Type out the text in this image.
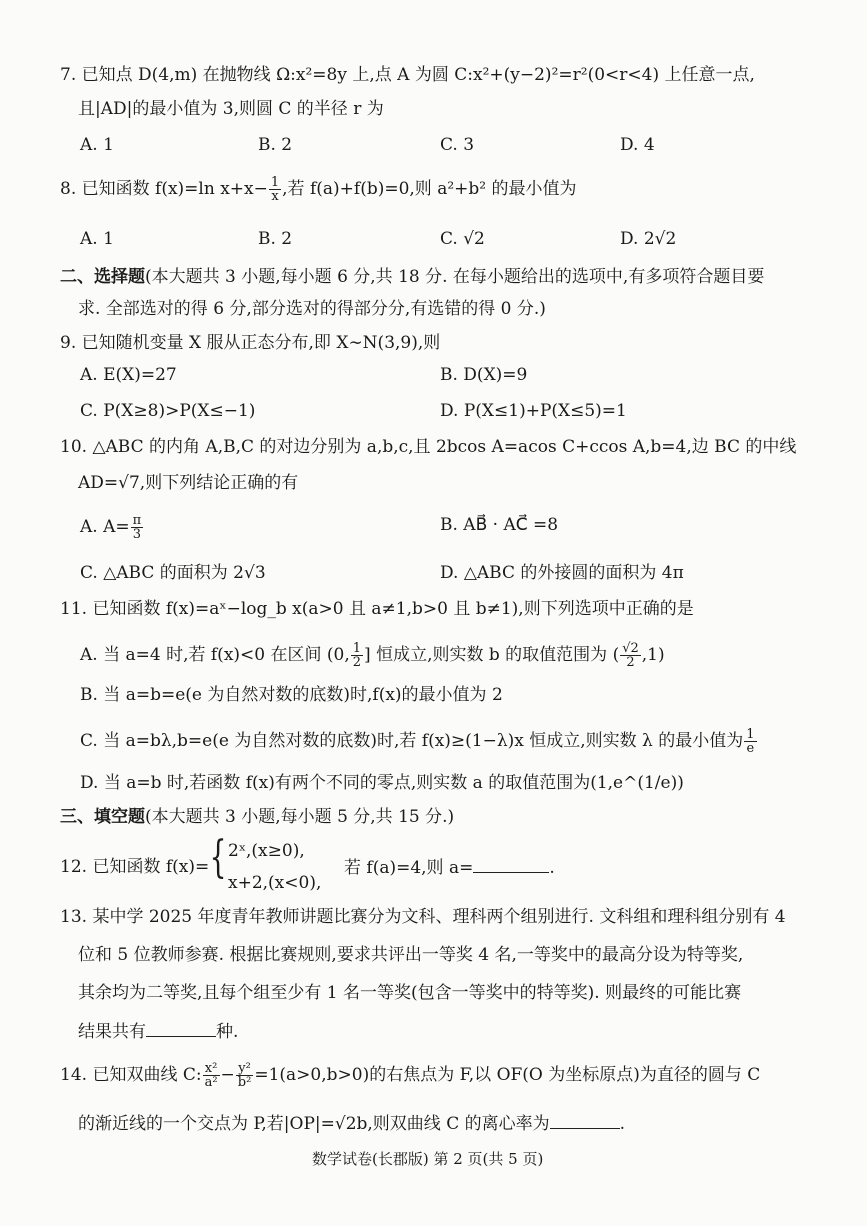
7. 已知点 D(4,m) 在抛物线 Ω:x²=8y 上,点 A 为圆 C:x²+(y−2)²=r²(0<r<4) 上任意一点,
且|AD|的最小值为 3,则圆 C 的半径 r 为
A. 1	B. 2	C. 3	D. 4
8. 已知函数 f(x)=ln $x+x- \frac{1}{x}$ ,若 f(a)+f(b)=0,则 a²+b² 的最小值为
A. 1	B. 2	C. √2	D. 2√2
二、选择题(本大题共 3 小题,每小题 6 分,共 18 分. 在每小题给出的选项中,有多项符合题目要
求. 全部选对的得 6 分,部分选对的得部分分,有选错的得 0 分.)
9. 已知随机变量 X 服从正态分布,即 X∼N(3,9),则
A. E(X)=27	B. D(X)=9
C. P(X≥8)>P(X≤−1)	D. P(X≤1)+P(X≤5)=1
10. △ABC 的内角 A,B,C 的对边分别为 a,b,c,且 2bcos A=acos C+ccos A,b=4,边 BC 的中线
AD=√7,则下列结论正确的有
A. $A= \frac{\pi}{3}$	B. AB⃗ · AC⃗ =8
C. △ABC 的面积为 2√3	D. △ABC 的外接圆的面积为 4π
11. 已知函数 f(x)=aˣ−log_b x(a>0 且 a≠1,b>0 且 b≠1),则下列选项中正确的是
A. 当 a=4 时,若 f(x)<0 在区间 (0, $\frac{1}{2}$ ] 恒成立,则实数 b 的取值范围为 ( $\frac{√2}{2} ,1$)
B. 当 a=b=e(e 为自然对数的底数)时,f(x)的最小值为 2
C. 当 a=bλ,b=e(e 为自然对数的底数)时,若 f(x)≥(1−λ)x 恒成立,则实数 λ 的最小值为 $\frac{1}{e}$
D. 当 a=b 时,若函数 f(x)有两个不同的零点,则实数 a 的取值范围为(1,e^(1/e))
三、填空题(本大题共 3 小题,每小题 5 分,共 15 分.)
12. 已知函数 f(x)= { 2ˣ,(x≥0),
x+2,(x<0),
若 f(a)=4,则 a=	.
13. 某中学 2025 年度青年教师讲题比赛分为文科、理科两个组别进行. 文科组和理科组分别有 4
位和 5 位教师参赛. 根据比赛规则,要求共评出一等奖 4 名,一等奖中的最高分设为特等奖,
其余均为二等奖,且每个组至少有 1 名一等奖(包含一等奖中的特等奖). 则最终的可能比赛
结果共有	种.
14. 已知双曲线 C: $\frac{\text{x²}}{\text{a²}} - \frac{\text{y²}}{\text{b²}} =1(a>0,b>0)$的右焦点为 F,以 OF(O 为坐标原点)为直径的圆与 C
的渐近线的一个交点为 P,若|OP|=√2b,则双曲线 C 的离心率为	.
数学试卷(长郡版) 第 2 页(共 5 页)
